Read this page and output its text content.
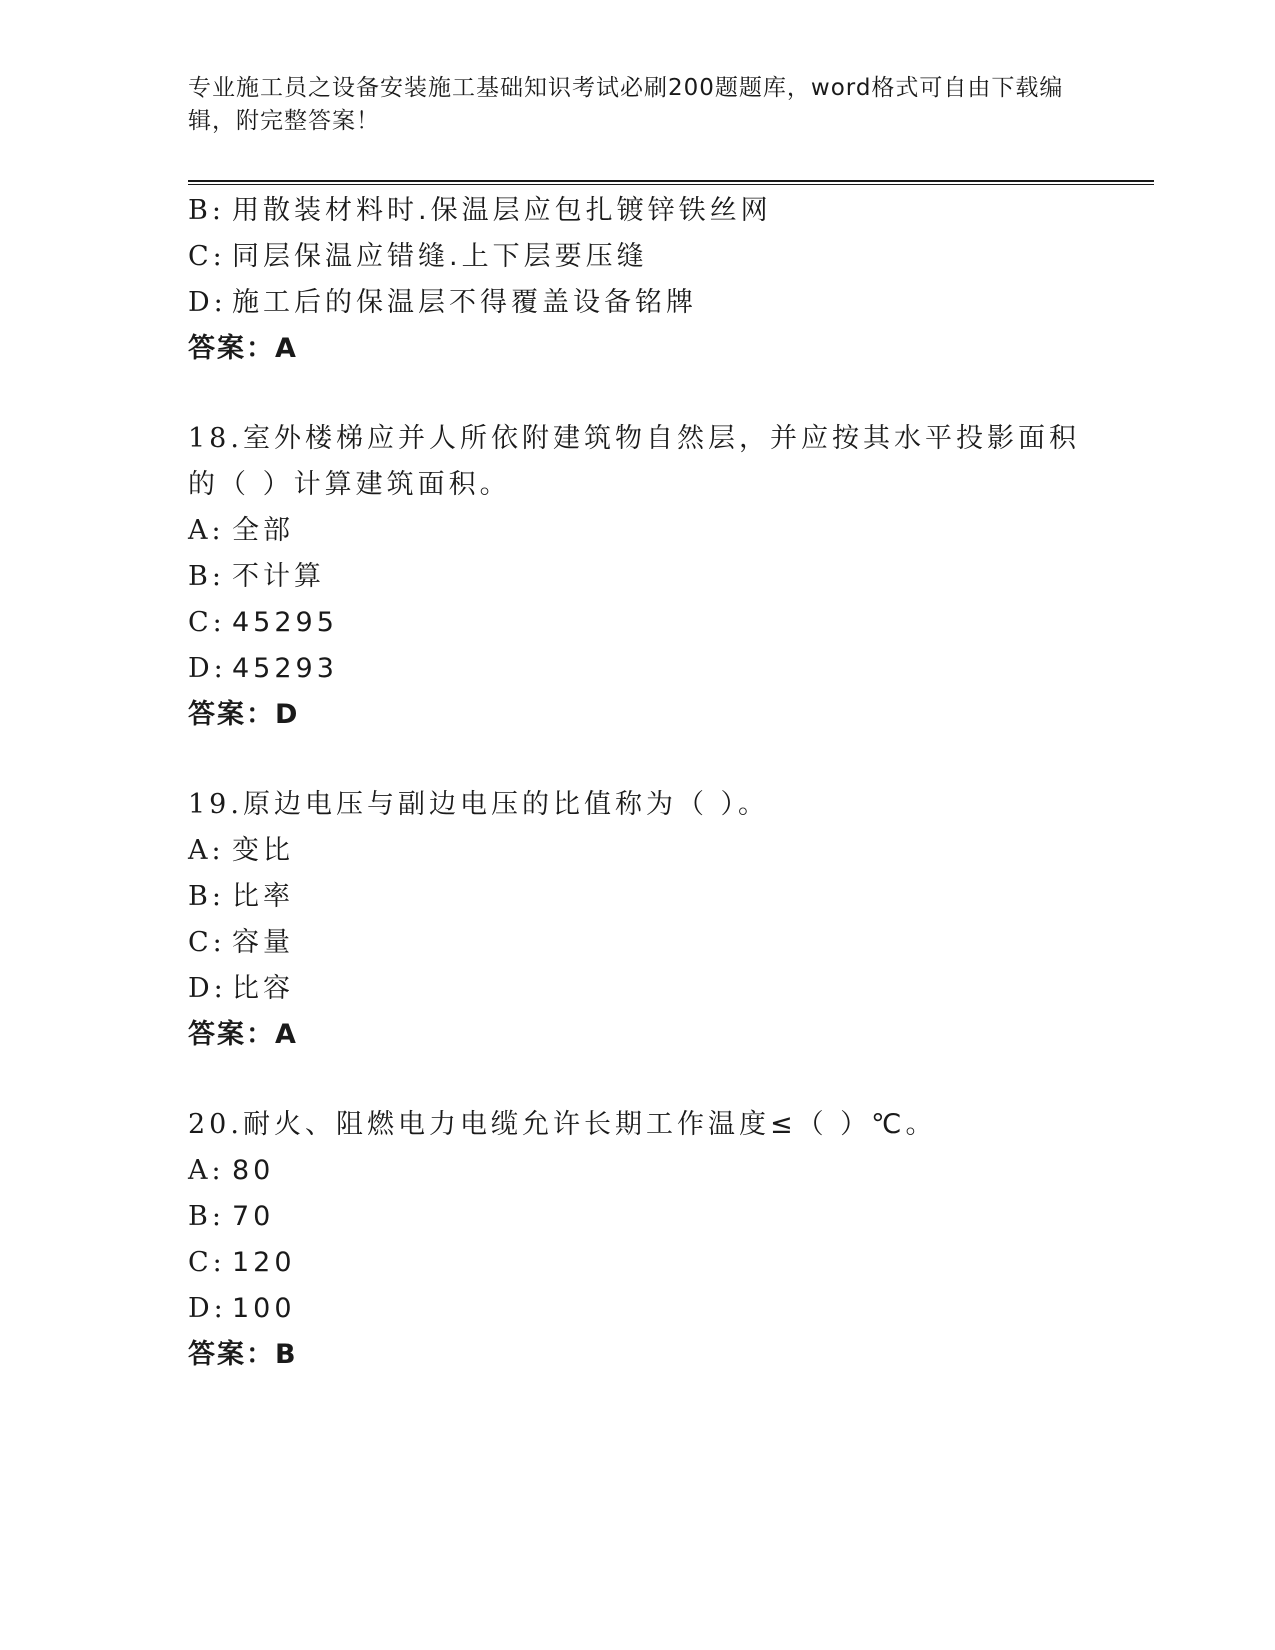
专业施工员之设备安装施工基础知识考试必刷200题题库，word格式可自由下载编辑，附完整答案！
B: 用散装材料时.保温层应包扎镀锌铁丝网
C: 同层保温应错缝.上下层要压缝
D: 施工后的保温层不得覆盖设备铭牌
答案：A
18.室外楼梯应并人所依附建筑物自然层，并应按其水平投影面积的（ ）计算建筑面积。
A: 全部
B: 不计算
C: 45295
D: 45293
答案：D
19.原边电压与副边电压的比值称为（ ）。
A: 变比
B: 比率
C: 容量
D: 比容
答案：A
20.耐火、阻燃电力电缆允许长期工作温度≤（ ）℃。
A: 80
B: 70
C: 120
D: 100
答案：B
